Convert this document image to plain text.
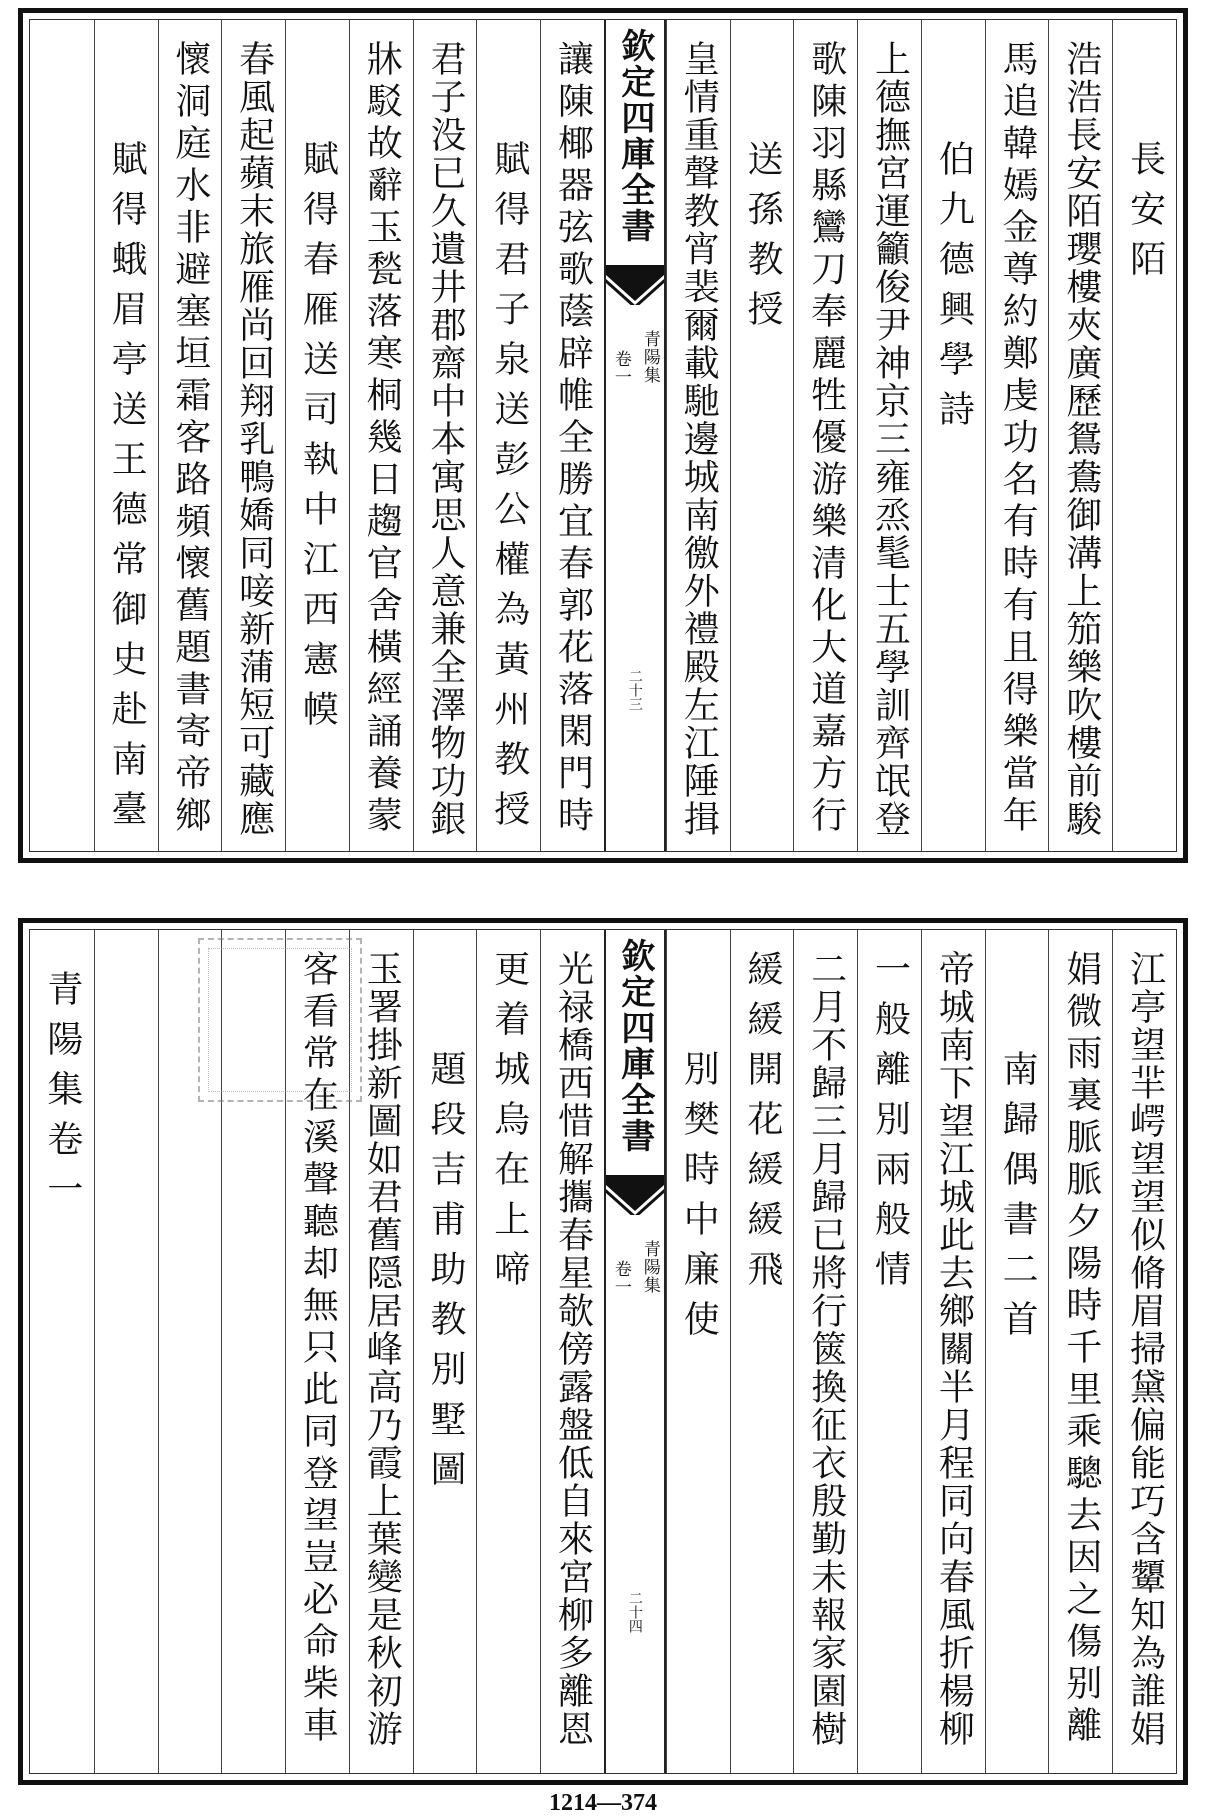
長安陌
浩浩長安陌瓔樓夾廣歷鴛鴦御溝上笳樂吹樓前駿
馬追韓嫣金尊約鄭虔功名有時有且得樂當年
伯九德興學詩
上德撫宮運籲俊尹神京三雍烝髦士五學訓齊氓登
歌陳羽縣鸞刀奉麗牲優游樂清化大道嘉方行
送孫教授
皇情重聲教宵裴爾載馳邊城南徼外禮殿左江陲揖
欽定四庫全書
青陽集
卷一
二十三
讓陳椰器弦歌蔭辟帷全勝宜春郭花落閑門時
賦得君子泉送彭公權為黃州教授
君子没已久遺井郡齋中本寓思人意兼全澤物功銀
牀駁故辭玉甃落寒桐幾日趨官舍橫經誦養蒙
賦得春雁送司執中江西憲幙
春風起蘋末旅雁尚回翔乳鴨嬌同唼新蒲短可藏應
懷洞庭水非避塞垣霜客路頻懷舊題書寄帝鄉
賦得蛾眉亭送王德常御史赴南臺
江亭望羋崿望望似脩眉掃黛偏能巧含顰知為誰娟
娟微雨裏脈脈夕陽時千里乘驄去因之傷别離
南歸偶書二首
帝城南下望江城此去鄉關半月程同向春風折楊柳
一般離別兩般情
二月不歸三月歸已將行篋換征衣殷勤未報家園樹
緩緩開花緩緩飛
別樊時中廉使
欽定四庫全書
青陽集
卷一
二十四
光禄橋西惜解攜春星欹傍露盤低自來宮柳多離恩
更着城烏在上啼
題段吉甫助教別墅圖
玉署掛新圖如君舊隠居峰高乃霞上葉變是秋初游
客看常在溪聲聽却無只此同登望豈必命柴車
青陽集卷一
1214—374
